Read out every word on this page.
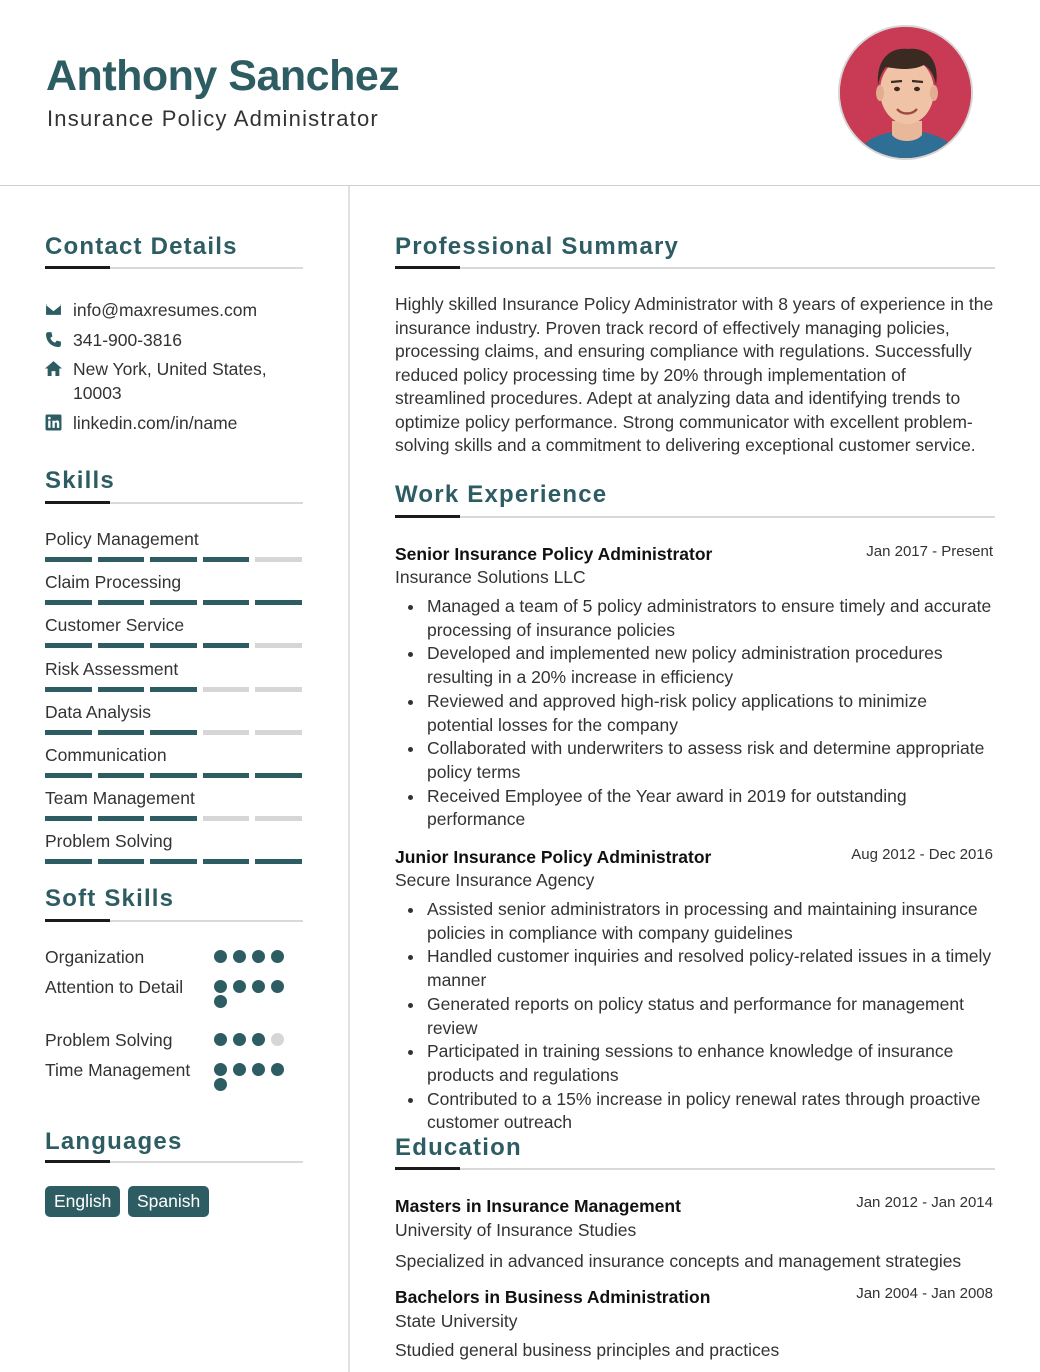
Anthony Sanchez
Insurance Policy Administrator
Contact Details
info@maxresumes.com
341-900-3816
New York, United States, 10003
linkedin.com/in/name
Skills
Policy Management
Claim Processing
Customer Service
Risk Assessment
Data Analysis
Communication
Team Management
Problem Solving
Soft Skills
Organization
Attention to Detail
Problem Solving
Time Management
Languages
English	Spanish
Professional Summary
Highly skilled Insurance Policy Administrator with 8 years of experience in the insurance industry. Proven track record of effectively managing policies, processing claims, and ensuring compliance with regulations. Successfully reduced policy processing time by 20% through implementation of streamlined procedures. Adept at analyzing data and identifying trends to optimize policy performance. Strong communicator with excellent problem-solving skills and a commitment to delivering exceptional customer service.
Work Experience
Senior Insurance Policy Administrator	Jan 2017 - Present
Insurance Solutions LLC
Managed a team of 5 policy administrators to ensure timely and accurate processing of insurance policies
Developed and implemented new policy administration procedures resulting in a 20% increase in efficiency
Reviewed and approved high-risk policy applications to minimize potential losses for the company
Collaborated with underwriters to assess risk and determine appropriate policy terms
Received Employee of the Year award in 2019 for outstanding performance
Junior Insurance Policy Administrator	Aug 2012 - Dec 2016
Secure Insurance Agency
Assisted senior administrators in processing and maintaining insurance policies in compliance with company guidelines
Handled customer inquiries and resolved policy-related issues in a timely manner
Generated reports on policy status and performance for management review
Participated in training sessions to enhance knowledge of insurance products and regulations
Contributed to a 15% increase in policy renewal rates through proactive customer outreach
Education
Masters in Insurance Management	Jan 2012 - Jan 2014
University of Insurance Studies
Specialized in advanced insurance concepts and management strategies
Bachelors in Business Administration	Jan 2004 - Jan 2008
State University
Studied general business principles and practices
